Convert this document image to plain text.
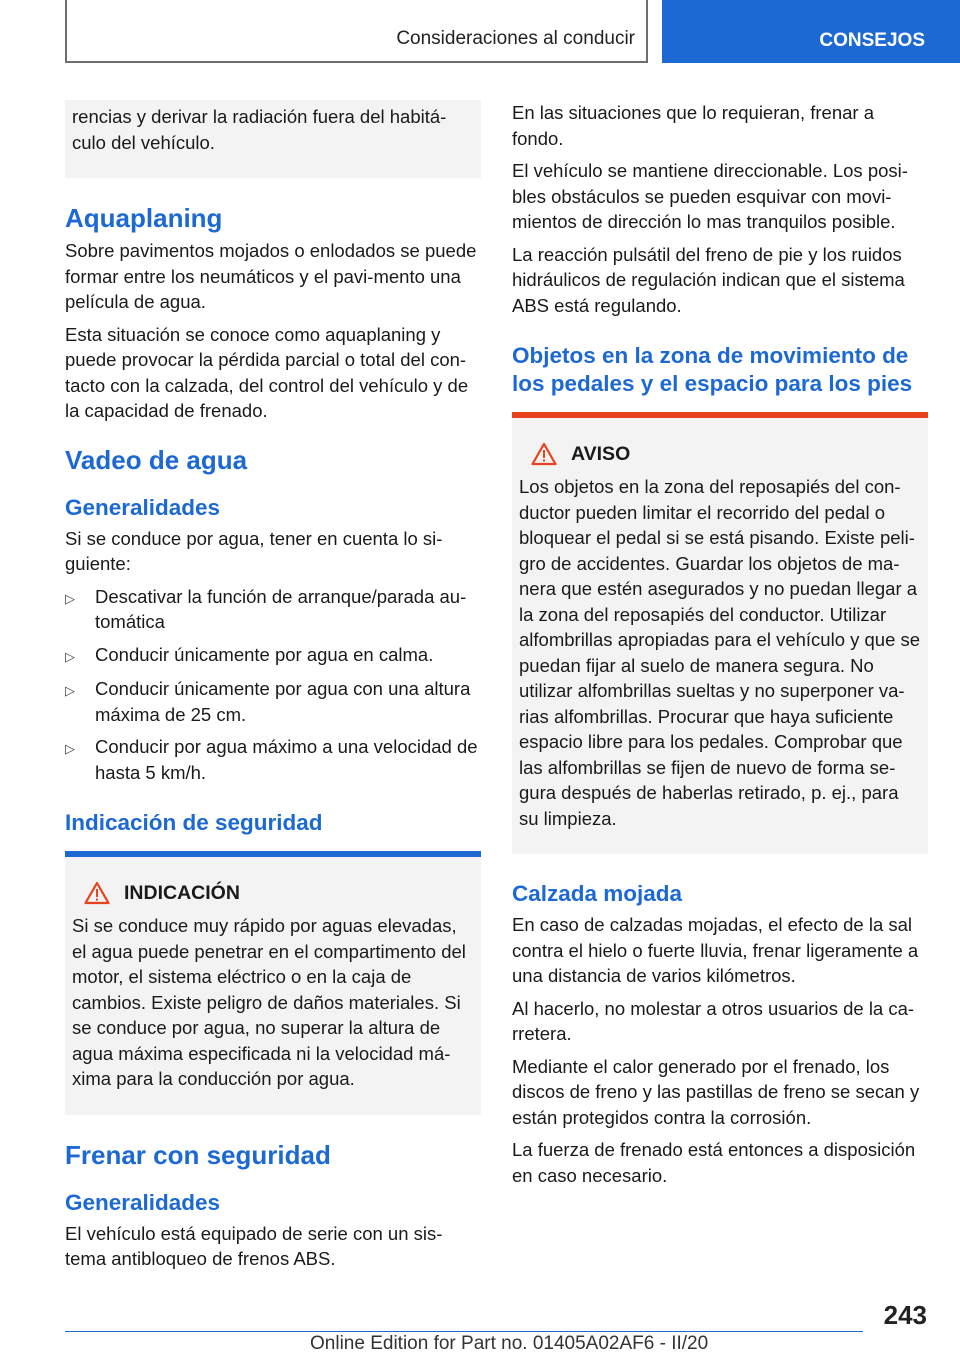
Consideraciones al conducir	CONSEJOS

rencias y derivar la radiación fuera del habitá-culo del vehículo.

Aquaplaning

Sobre pavimentos mojados o enlodados se puede formar entre los neumáticos y el pavi-mento una película de agua.

Esta situación se conoce como aquaplaning y puede provocar la pérdida parcial o total del con-tacto con la calzada, del control del vehículo y de la capacidad de frenado.

Vadeo de agua
Generalidades

Si se conduce por agua, tener en cuenta lo si-guiente:

▷	Descativar la función de arranque/parada au-tomática
▷	Conducir únicamente por agua en calma.
▷	Conducir únicamente por agua con una altura máxima de 25 cm.
▷	Conducir por agua máximo a una velocidad de hasta 5 km/h.
Indicación de seguridad
INDICACIÓN

Si se conduce muy rápido por aguas elevadas, el agua puede penetrar en el compartimento del motor, el sistema eléctrico o en la caja de cambios. Existe peligro de daños materiales. Si se conduce por agua, no superar la altura de agua máxima especificada ni la velocidad má-xima para la conducción por agua.

Frenar con seguridad
Generalidades

El vehículo está equipado de serie con un sis-tema antibloqueo de frenos ABS.

En las situaciones que lo requieran, frenar a fondo.

El vehículo se mantiene direccionable. Los posi-bles obstáculos se pueden esquivar con movi-mientos de dirección lo mas tranquilos posible.

La reacción pulsátil del freno de pie y los ruidos hidráulicos de regulación indican que el sistema ABS está regulando.

Objetos en la zona de movimiento de los pedales y el espacio para los pies
AVISO

Los objetos en la zona del reposapiés del con-ductor pueden limitar el recorrido del pedal o bloquear el pedal si se está pisando. Existe peli-gro de accidentes. Guardar los objetos de ma-nera que estén asegurados y no puedan llegar a la zona del reposapiés del conductor. Utilizar alfombrillas apropiadas para el vehículo y que se puedan fijar al suelo de manera segura. No utilizar alfombrillas sueltas y no superponer va-rias alfombrillas. Procurar que haya suficiente espacio libre para los pedales. Comprobar que las alfombrillas se fijen de nuevo de forma se-gura después de haberlas retirado, p. ej., para su limpieza.

Calzada mojada

En caso de calzadas mojadas, el efecto de la sal contra el hielo o fuerte lluvia, frenar ligeramente a una distancia de varios kilómetros.

Al hacerlo, no molestar a otros usuarios de la ca-rretera.

Mediante el calor generado por el frenado, los discos de freno y las pastillas de freno se secan y están protegidos contra la corrosión.

La fuerza de frenado está entonces a disposición en caso necesario.

243
Online Edition for Part no. 01405A02AF6 - II/20
